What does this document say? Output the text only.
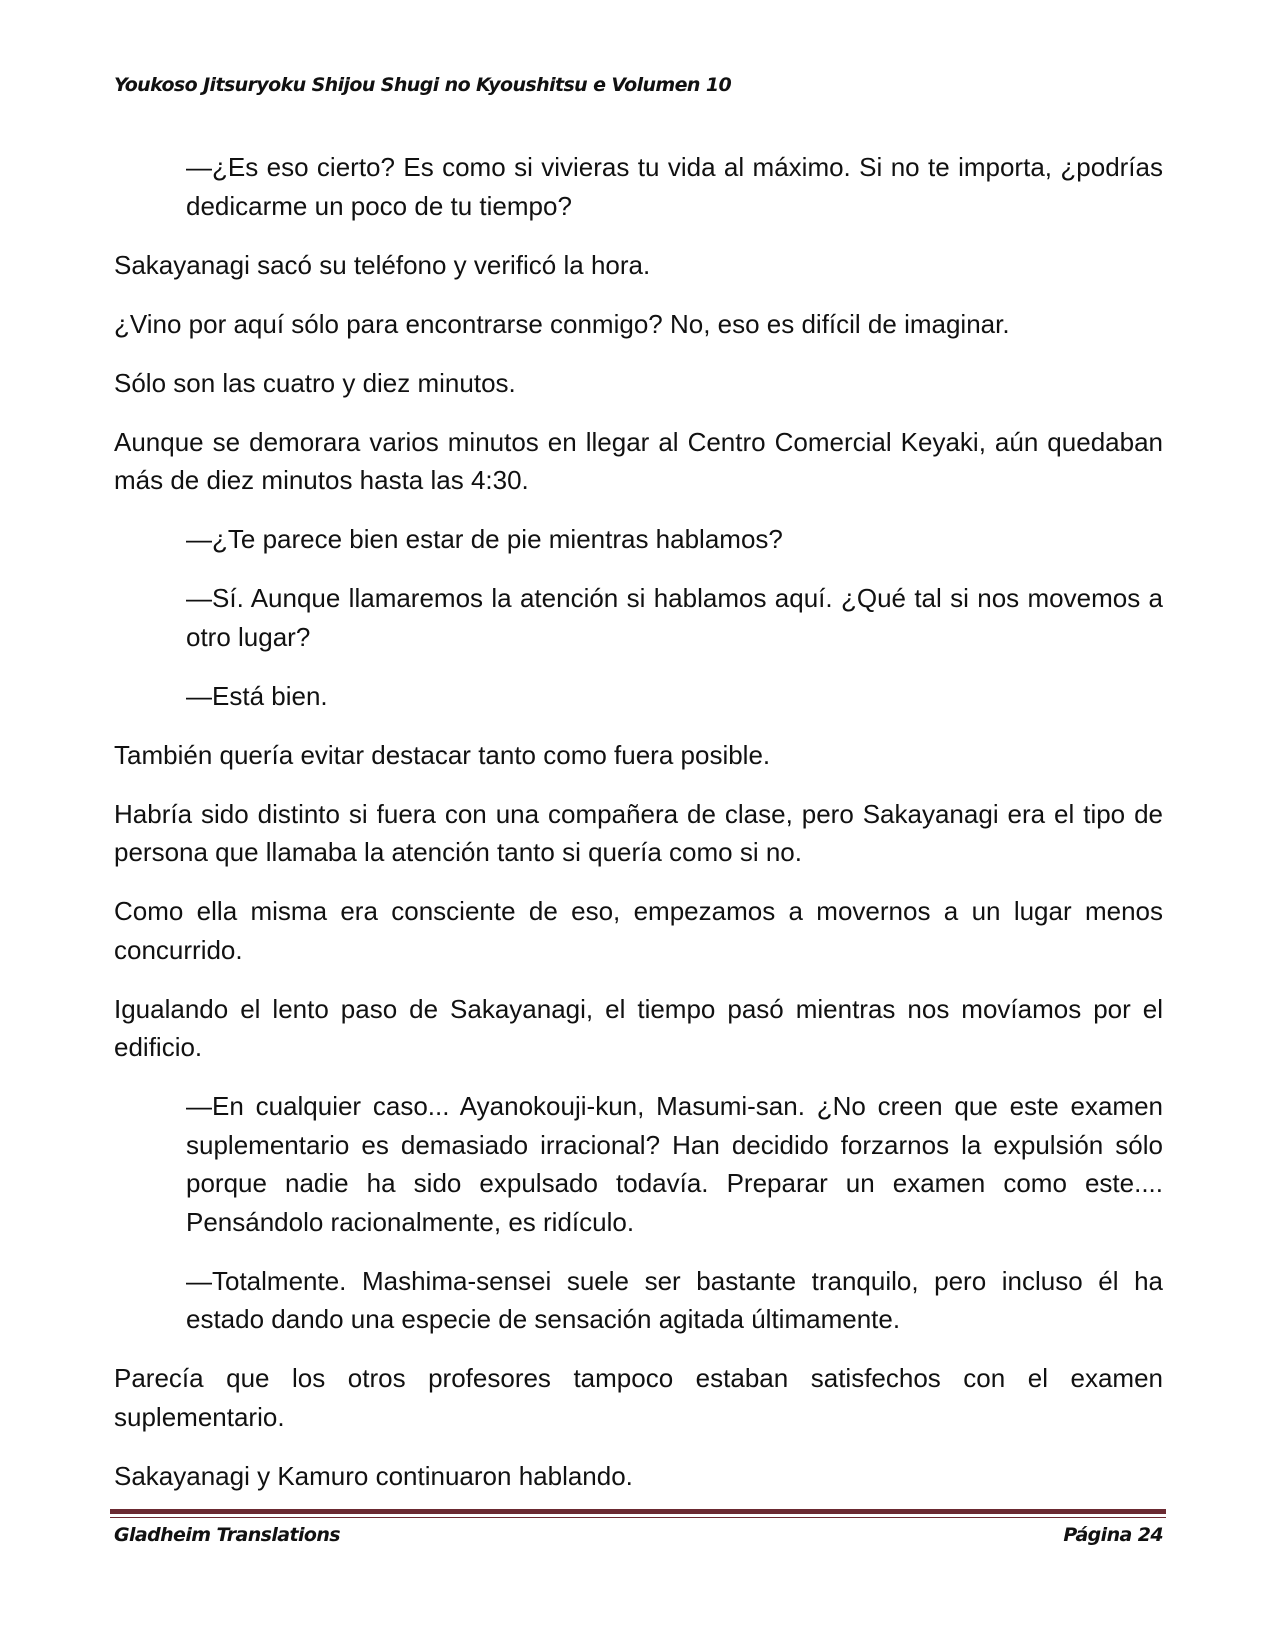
Youkoso Jitsuryoku Shijou Shugi no Kyoushitsu e Volumen 10

—¿Es eso cierto? Es como si vivieras tu vida al máximo. Si no te importa, ¿podrías dedicarme un poco de tu tiempo?

Sakayanagi sacó su teléfono y verificó la hora.

¿Vino por aquí sólo para encontrarse conmigo? No, eso es difícil de imaginar.

Sólo son las cuatro y diez minutos.

Aunque se demorara varios minutos en llegar al Centro Comercial Keyaki, aún quedaban más de diez minutos hasta las 4:30.

—¿Te parece bien estar de pie mientras hablamos?

—Sí. Aunque llamaremos la atención si hablamos aquí. ¿Qué tal si nos movemos a otro lugar?

—Está bien.

También quería evitar destacar tanto como fuera posible.

Habría sido distinto si fuera con una compañera de clase, pero Sakayanagi era el tipo de persona que llamaba la atención tanto si quería como si no.

Como ella misma era consciente de eso, empezamos a movernos a un lugar menos concurrido.

Igualando el lento paso de Sakayanagi, el tiempo pasó mientras nos movíamos por el edificio.

—En cualquier caso... Ayanokouji-kun, Masumi-san. ¿No creen que este examen suplementario es demasiado irracional? Han decidido forzarnos la expulsión sólo porque nadie ha sido expulsado todavía. Preparar un examen como este.... Pensándolo racionalmente, es ridículo.

—Totalmente. Mashima-sensei suele ser bastante tranquilo, pero incluso él ha estado dando una especie de sensación agitada últimamente.

Parecía que los otros profesores tampoco estaban satisfechos con el examen suplementario.

Sakayanagi y Kamuro continuaron hablando.

Gladheim Translations	Página 24
